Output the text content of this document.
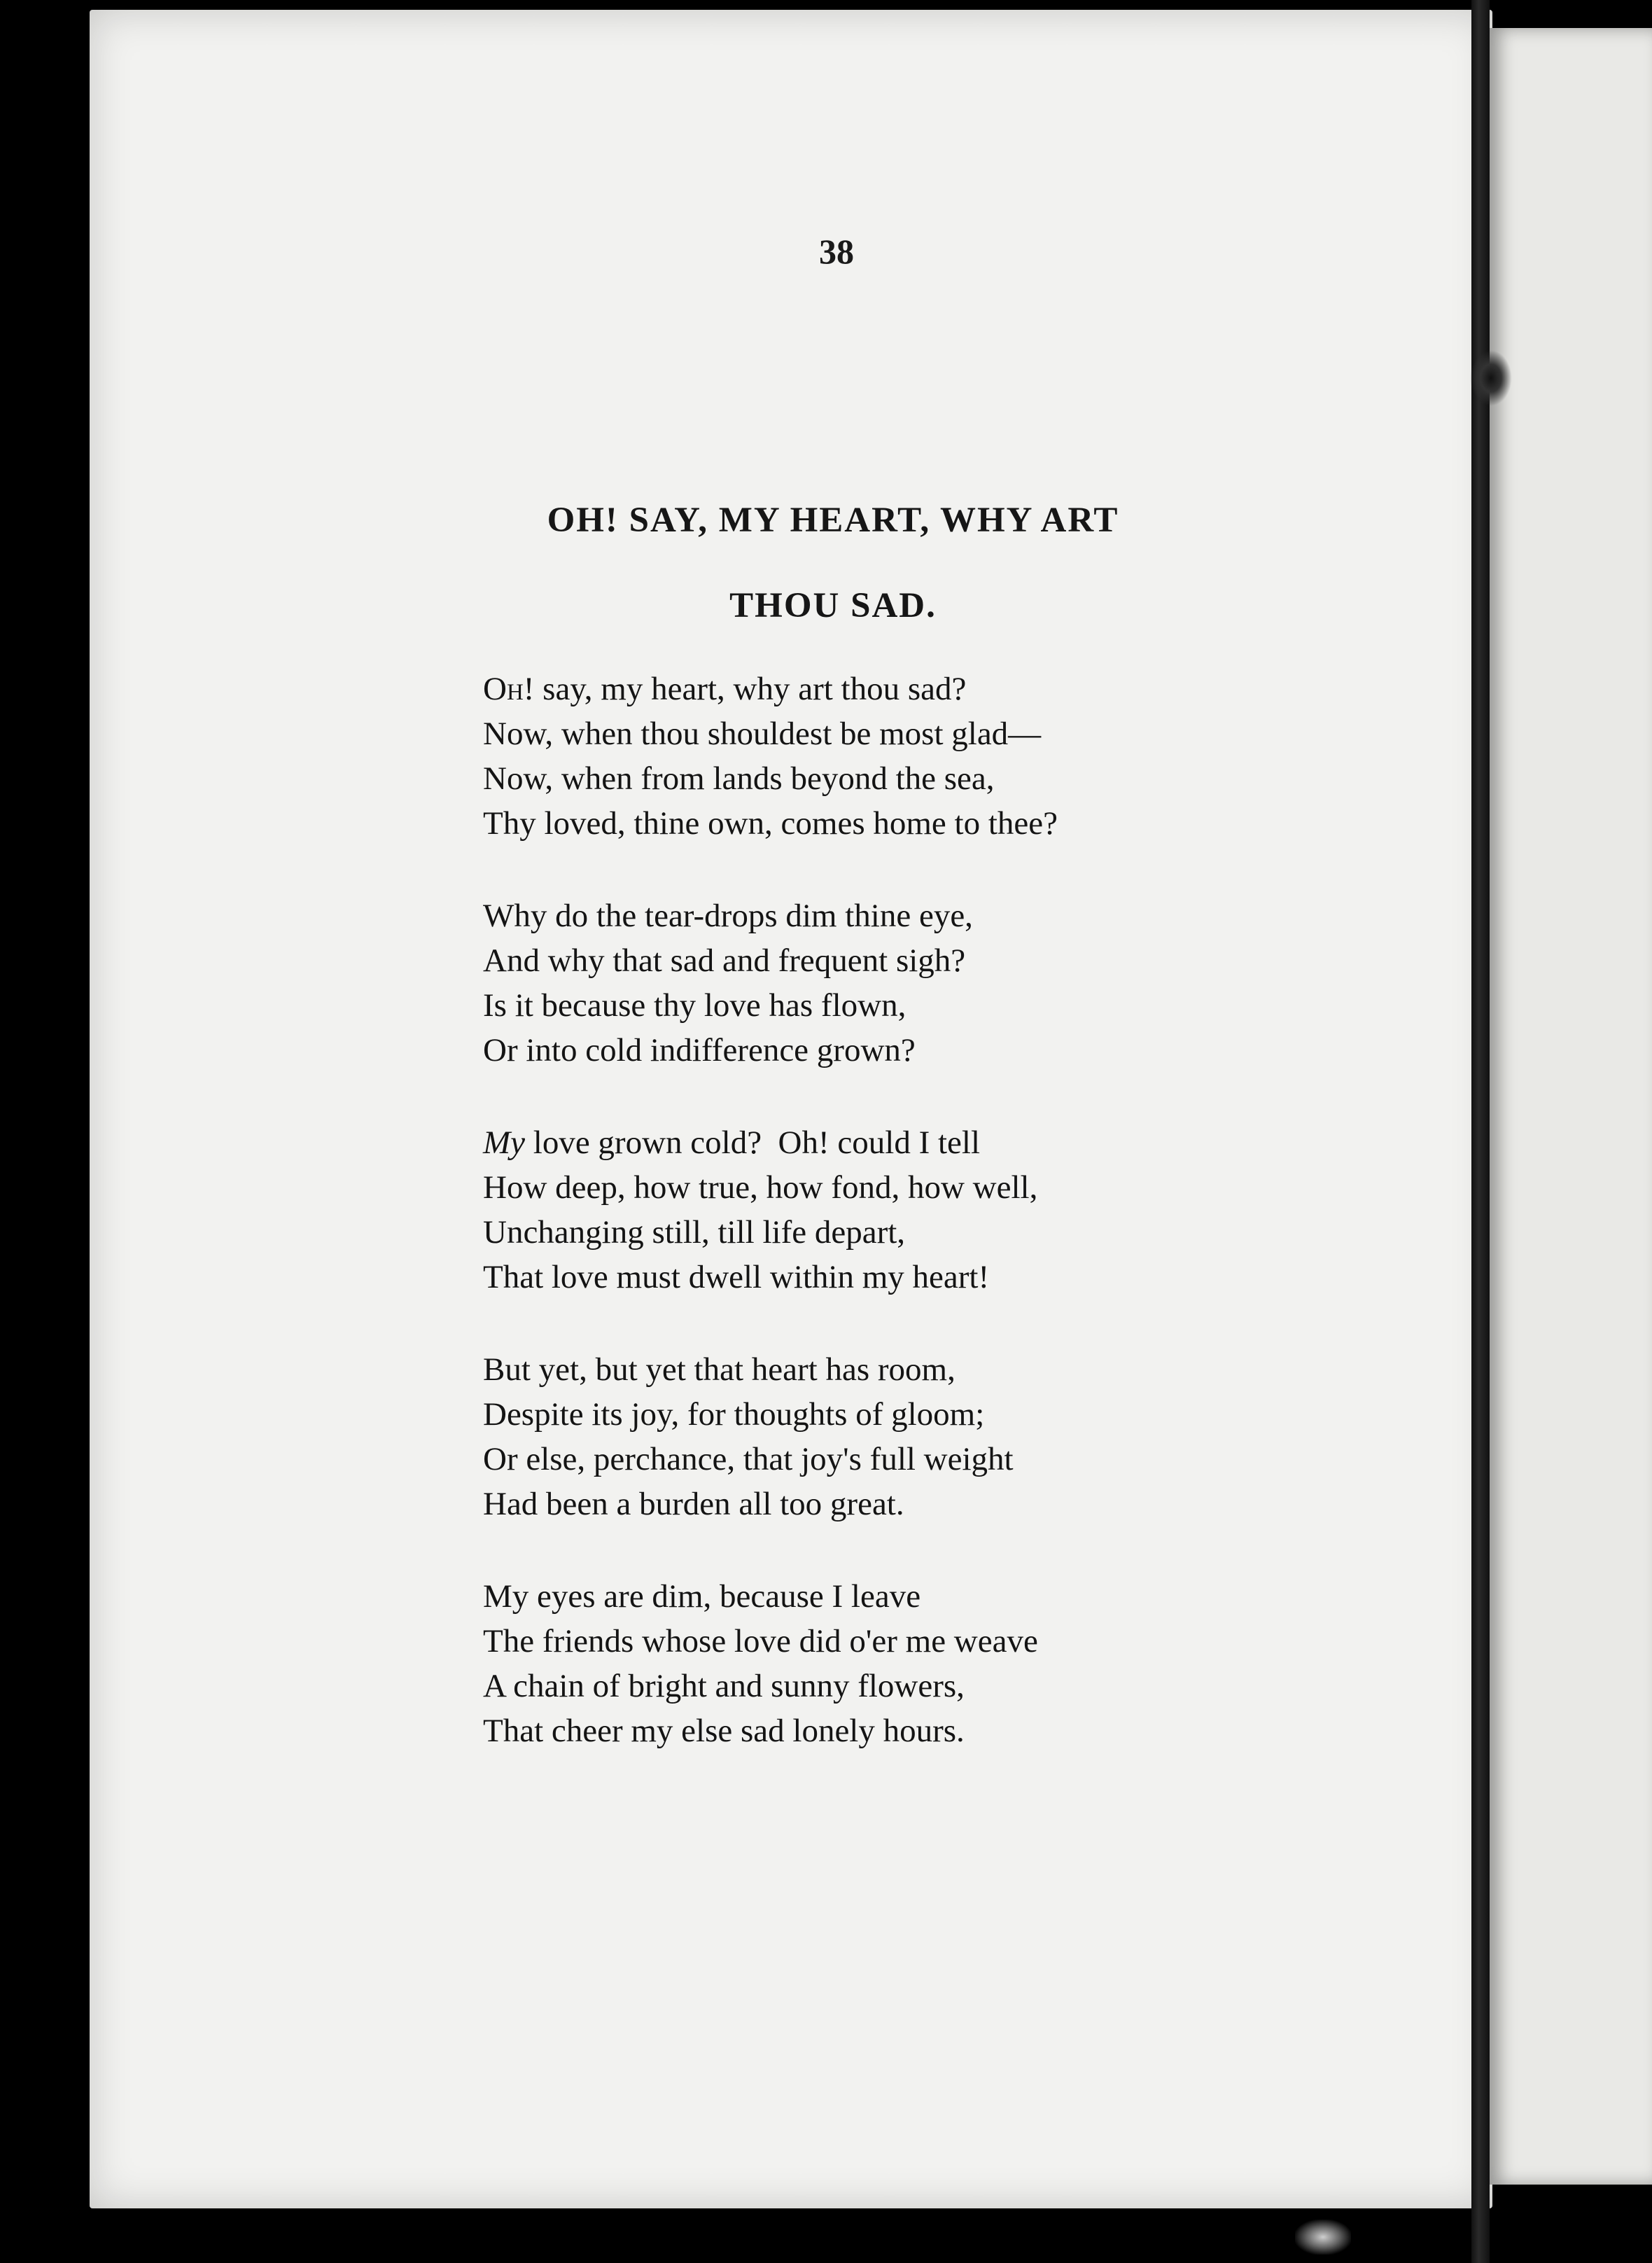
38
OH! SAY, MY HEART, WHY ART
THOU SAD.
Oh! say, my heart, why art thou sad?
Now, when thou shouldest be most glad—
Now, when from lands beyond the sea,
Thy loved, thine own, comes home to thee?
Why do the tear-drops dim thine eye,
And why that sad and frequent sigh?
Is it because thy love has flown,
Or into cold indifference grown?
My love grown cold?  Oh! could I tell
How deep, how true, how fond, how well,
Unchanging still, till life depart,
That love must dwell within my heart!
But yet, but yet that heart has room,
Despite its joy, for thoughts of gloom;
Or else, perchance, that joy's full weight
Had been a burden all too great.
My eyes are dim, because I leave
The friends whose love did o'er me weave
A chain of bright and sunny flowers,
That cheer my else sad lonely hours.
